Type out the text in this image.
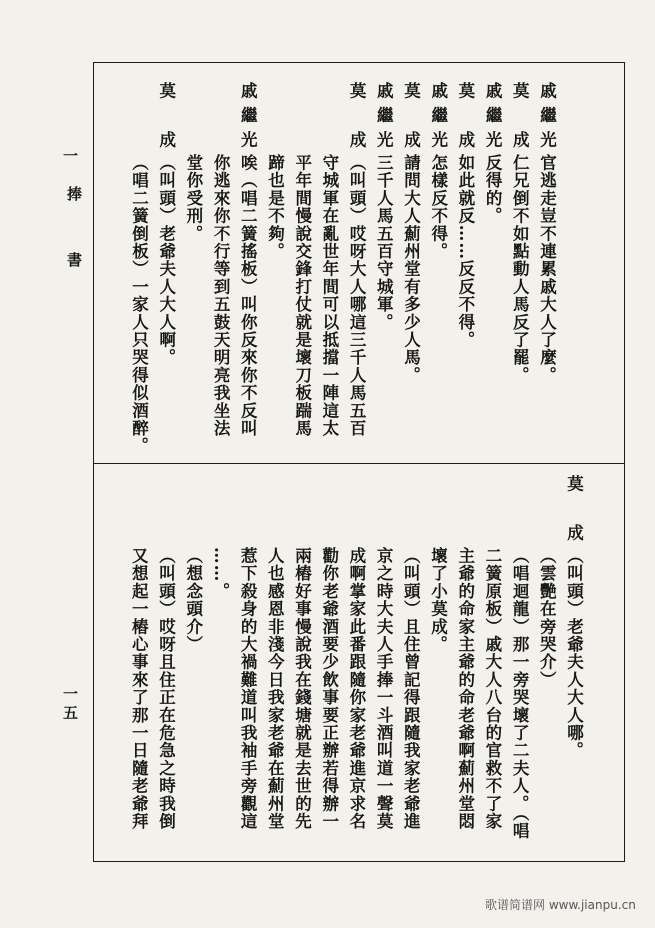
一
捧　書
一五
戚繼光
官逃走豈不連累戚大人了麼。
莫　成
仁兄倒不如點動人馬反了罷。
戚繼光
反得的。
莫　成
如此就反……反反不得。
戚繼光
怎樣反不得。
莫　成
請問大人薊州堂有多少人馬。
戚繼光
三千人馬五百守城軍。
莫　成
（叫頭）哎呀大人哪這三千人馬五百
守城軍在亂世年間可以抵擋一陣這太
平年間慢說交鋒打仗就是壞刀板踹馬
蹄也是不夠。
戚繼光
唉（唱二簧搖板）叫你反來你不反叫
你逃來你不行等到五鼓天明亮我坐法
堂你受刑。
莫　成
（叫頭）老爺夫人大人啊。
（唱二簧倒板）一家人只哭得似酒醉。
莫　成
（叫頭）老爺夫人大人哪。
（雲艷在旁哭介）
（唱迴龍）那一旁哭壞了二夫人。（唱
二簧原板）戚大人八台的官救不了家
主爺的命家主爺的命老爺啊薊州堂悶
壞了小莫成。
（叫頭）且住曾記得跟隨我家老爺進
京之時大夫人手捧一斗酒叫道一聲莫
成啊掌家此番跟隨你家老爺進京求名
勸你老爺酒要少飲事要正辦若得辦一
兩樁好事慢說我在錢塘就是去世的先
人也感恩非淺今日我家老爺在薊州堂
惹下殺身的大禍難道叫我袖手旁觀這
……。
（想念頭介）
（叫頭）哎呀且住正在危急之時我倒
又想起一樁心事來了那一日隨老爺拜
歌谱简谱网 www.jianpu.cn
